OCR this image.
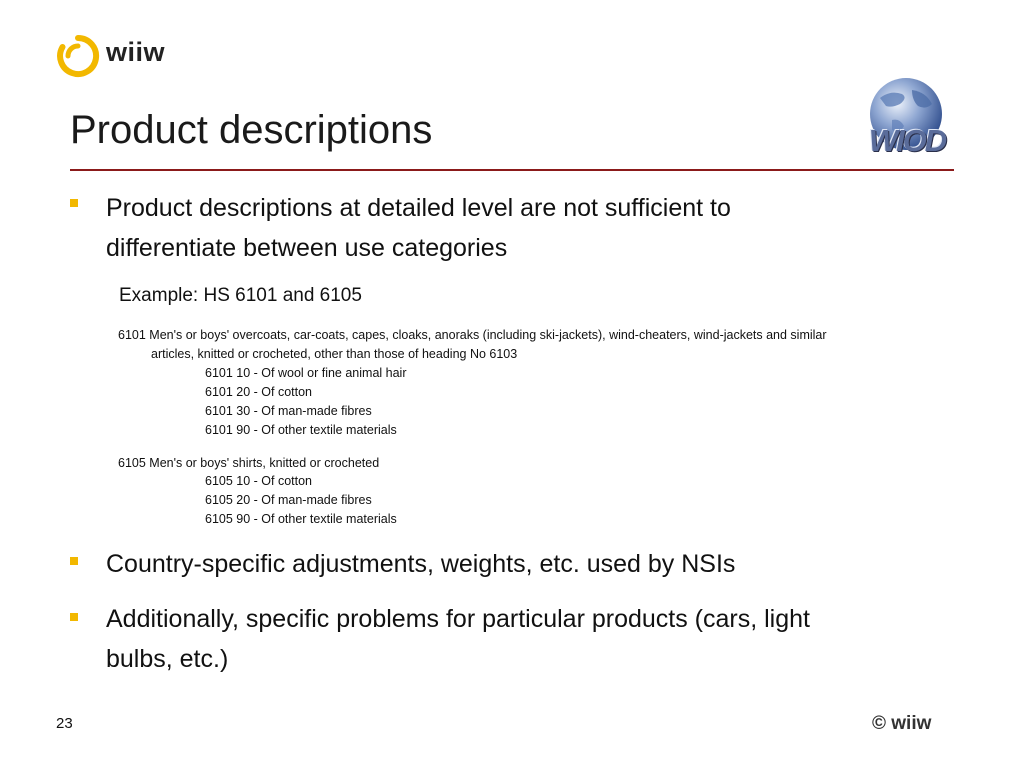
wiiw
Product descriptions	WIOD
Product descriptions at detailed level are not sufficient to
differentiate between use categories
Example: HS 6101 and 6105
6101 Men's or boys' overcoats, car-coats, capes, cloaks, anoraks (including ski-jackets), wind-cheaters, wind-jackets and similar
articles, knitted or crocheted, other than those of heading No 6103
6101 10 - Of wool or fine animal hair
6101 20 - Of cotton
6101 30 - Of man-made fibres
6101 90 - Of other textile materials
6105 Men's or boys' shirts, knitted or crocheted
6105 10 - Of cotton
6105 20 - Of man-made fibres
6105 90 - Of other textile materials
Country-specific adjustments, weights, etc. used by NSIs
Additionally, specific problems for particular products (cars, light
bulbs, etc.)
23	© wiiw
